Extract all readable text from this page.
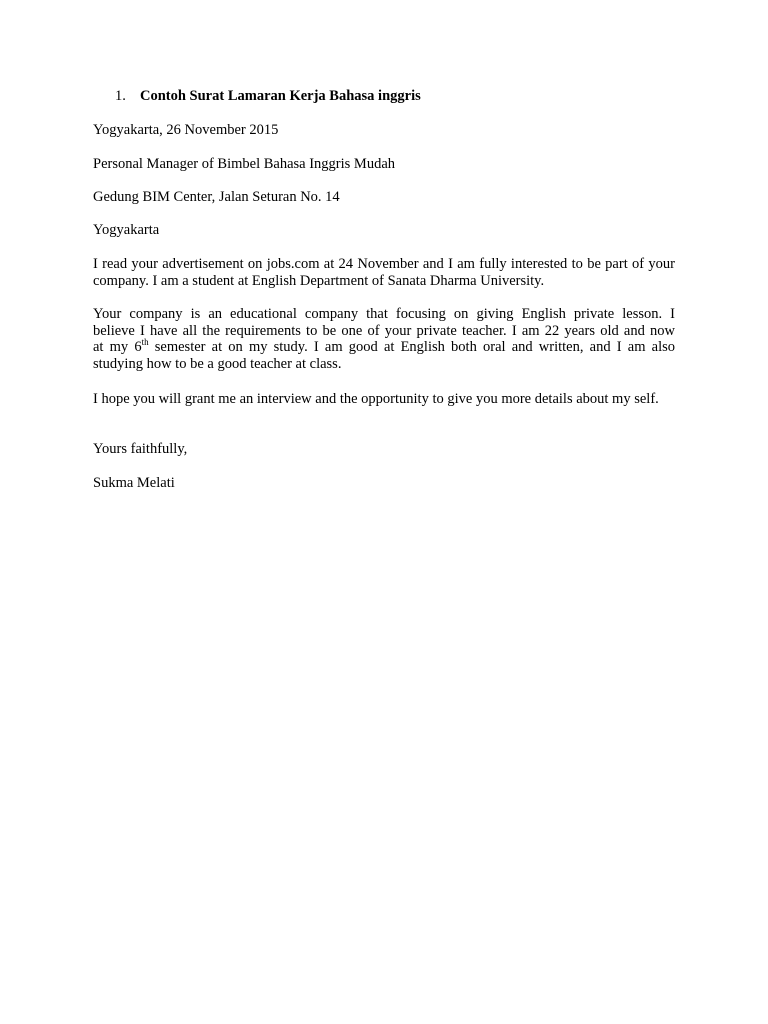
1. Contoh Surat Lamaran Kerja Bahasa inggris
Yogyakarta, 26 November 2015
Personal Manager of Bimbel Bahasa Inggris Mudah
Gedung BIM Center, Jalan Seturan No. 14
Yogyakarta
I read your advertisement on jobs.com at 24 November and I am fully interested to be part of your company. I am a student at English Department of Sanata Dharma University.
Your company is an educational company that focusing on giving English private lesson. I
believe I have all the requirements to be one of your private teacher. I am 22 years old and now
at my 6th semester at on my study. I am good at English both oral and written, and I am also
studying how to be a good teacher at class.
I hope you will grant me an interview and the opportunity to give you more details about my self.
Yours faithfully,
Sukma Melati
